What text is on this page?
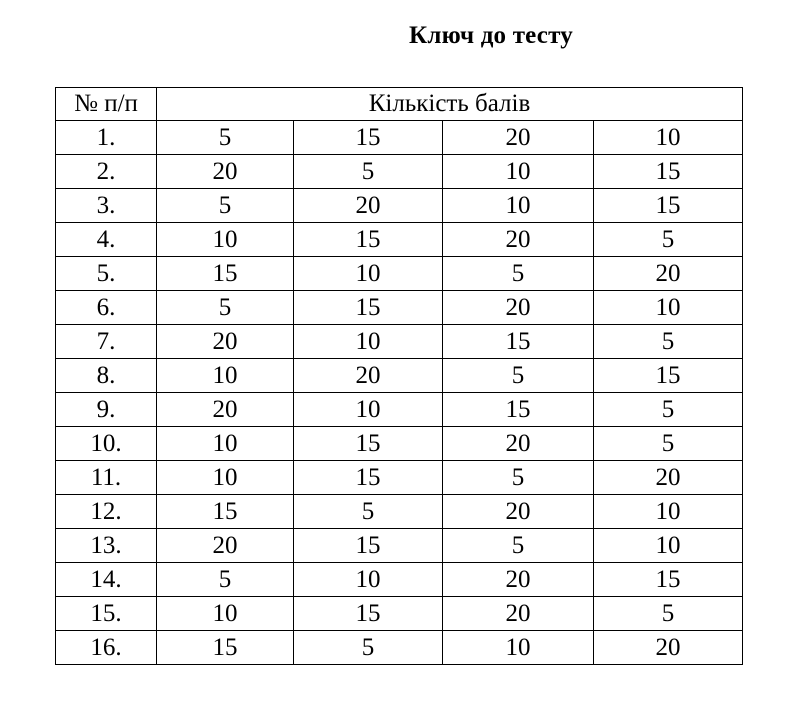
Ключ до тесту
№ п/п	Кількість балів			
1.	5	15	20	10
2.	20	5	10	15
3.	5	20	10	15
4.	10	15	20	5
5.	15	10	5	20
6.	5	15	20	10
7.	20	10	15	5
8.	10	20	5	15
9.	20	10	15	5
10.	10	15	20	5
11.	10	15	5	20
12.	15	5	20	10
13.	20	15	5	10
14.	5	10	20	15
15.	10	15	20	5
16.	15	5	10	20
